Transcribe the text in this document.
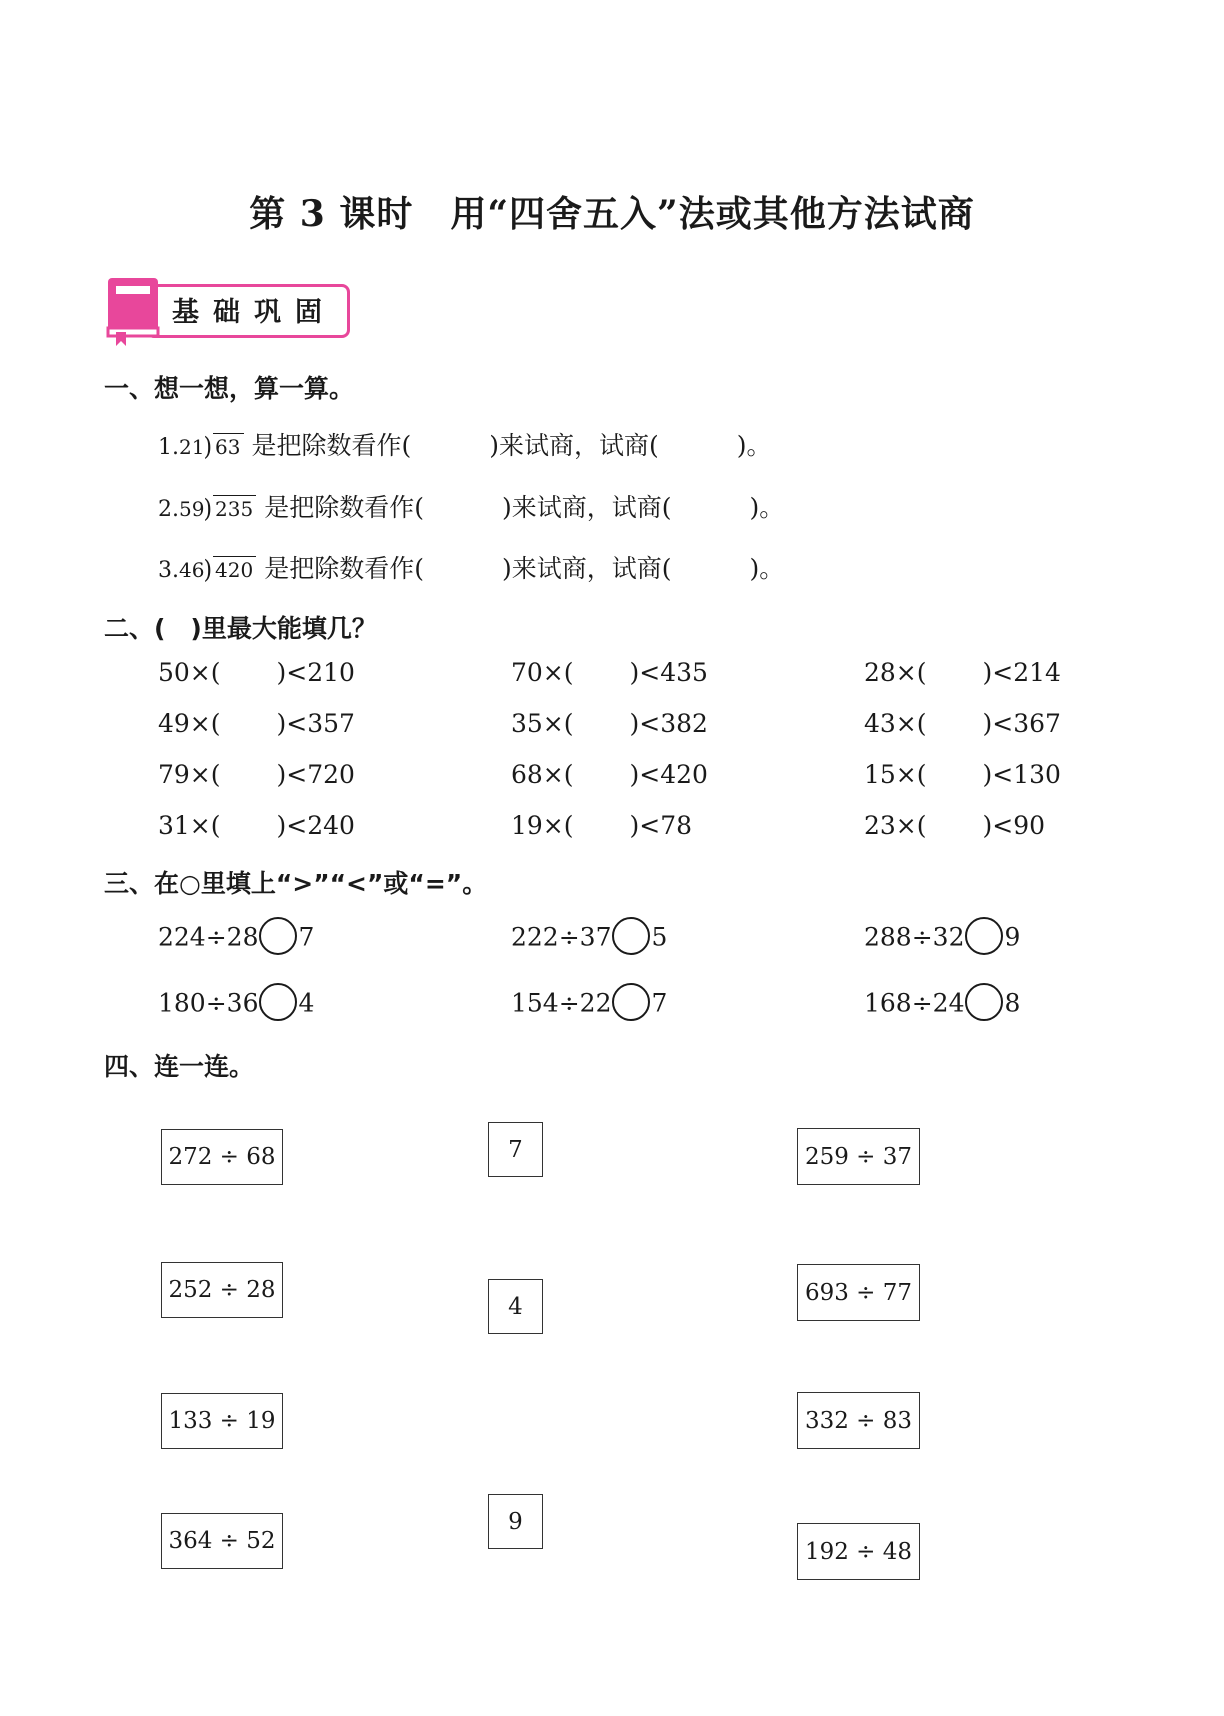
第 3 课时　用“四舍五入”法或其他方法试商
基础巩固
一、想一想，算一算。
1.21) 63 是把除数看作(	)来试商，试商(	)。
2.59) 235 是把除数看作(	)来试商，试商(	)。
3.46) 420 是把除数看作(	)来试商，试商(	)。
二、(　)里最大能填几？
50×( )<210	70×( )<435	28×( )<214
49×( )<357	35×( )<382	43×( )<367
79×( )<720	68×( )<420	15×( )<130
31×( )<240	19×( )<78	23×( )<90
三、在○里填上“>”“<”或“=”。
224÷28 7	222÷37 5	288÷32 9
180÷36 4	154÷22 7	168÷24 8
四、连一连。
272 ÷ 68
252 ÷ 28
133 ÷ 19
364 ÷ 52
7
4
9
259 ÷ 37
693 ÷ 77
332 ÷ 83
192 ÷ 48
